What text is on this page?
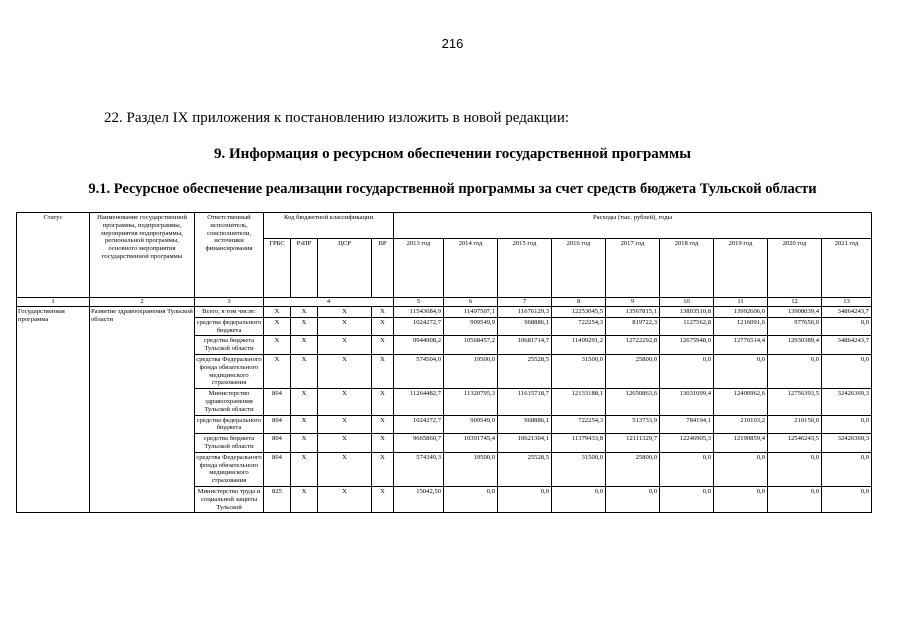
216
22. Раздел IX приложения к постановлению изложить в новой редакции:
9. Информация о ресурсном обеспечении государственной программы
9.1. Ресурсное обеспечение реализации государственной программы за счет средств бюджета Тульской области
Статус	Наименование государственной программы, подпрограммы, мероприятия подпрограммы, региональной программы, основного мероприятия государственной программы	Ответственный исполнитель, соисполнители, источники финансирования	Код бюджетной классификации				Расходы (тыс. рублей), годы								
			ГРБС	РзПР	ЦСР	ВР	2013 год	2014 год	2015 год	2016 год	2017 год	2018 год	2019 год	2020 год	2021 год
1	2	3	4				5	6	7	8	9	10	11	12	13
Государственная программа	Развитие здравоохранения Тульской области	Всего, в том числе:	X	X	X	X	11543684,9	11497507,1	11676129,3	12253045,5	13567815,1	13803510,8	13992606,0	13908039,4	34864243,7
		средства федерального бюджета	X	X	X	X	1024272,7	909549,9	968886,1	722254,3	819722,3	1127562,8	1216091,6	977650,0	0,0
		средства бюджета Тульской области	X	X	X	X	9944908,2	10568457,2	10681714,7	11499291,2	12722292,8	12675948,0	12776514,4	12930389,4	34864243,7
		средства Федерального фонда обязательного медицинского страхования	X	X	X	X	574504,0	19500,0	25528,5	31500,0	25800,0	0,0	0,0	0,0	0,0
		Министерство здравоохранения Тульской области	804	X	X	X	11264482,7	11320795,3	11615718,7	12133188,1	12650863,6	13031099,4	12400962,6	12756393,5	32426369,3
		средства федерального бюджета	804	X	X	X	1024272,7	909549,9	968886,1	722254,3	513733,9	784194,1	210103,2	210150,0	0,0
		средства бюджета Тульской области	804	X	X	X	9665860,7	10391745,4	10621304,1	11379433,8	12111329,7	12246905,3	12190859,4	12546243,5	32426369,3
		средства Федерального фонда обязательного медицинского страхования	804	X	X	X	574349,3	19500,0	25528,5	31500,0	25800,0	0,0	0,0	0,0	0,0
		Министерство труда и социальной защиты Тульской	825	X	X	X	15042,50	0,0	0,0	0,0	0,0	0,0	0,0	0,0	0,0
